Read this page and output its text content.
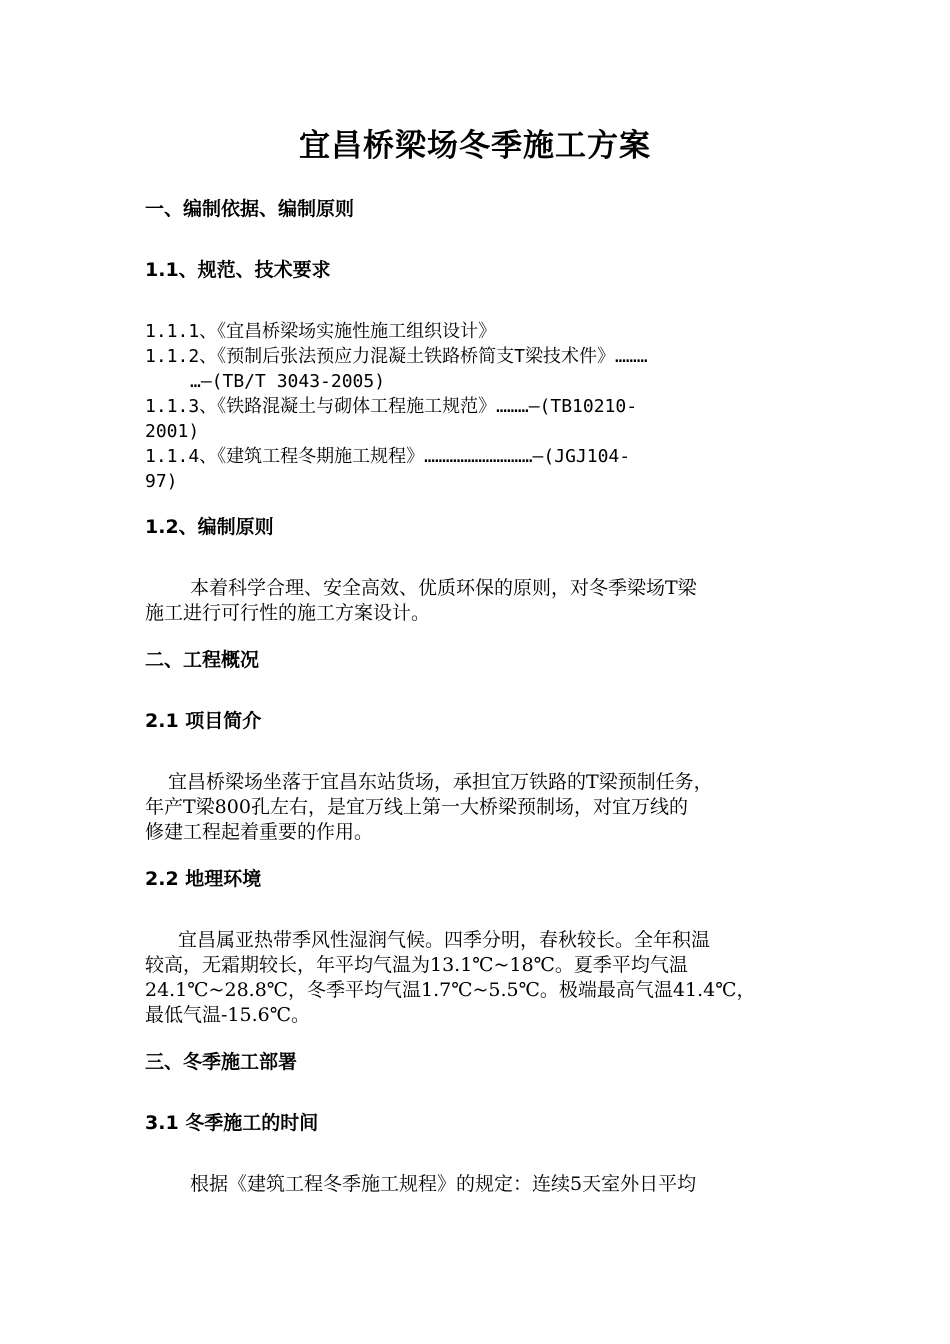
宜昌桥梁场冬季施工方案
一、编制依据、编制原则
1.1、规范、技术要求
1.1.1、《宜昌桥梁场实施性施工组织设计》
1.1.2、《预制后张法预应力混凝土铁路桥简支T梁技术件》………
…—(TB/T 3043-2005)
1.1.3、《铁路混凝土与砌体工程施工规范》………—(TB10210-
2001)
1.1.4、《建筑工程冬期施工规程》…………………………—(JGJ104-
97)
1.2、编制原则
本着科学合理、安全高效、优质环保的原则，对冬季梁场T梁
施工进行可行性的施工方案设计。
二、工程概况
2.1 项目简介
宜昌桥梁场坐落于宜昌东站货场，承担宜万铁路的T梁预制任务，
年产T梁800孔左右，是宜万线上第一大桥梁预制场，对宜万线的
修建工程起着重要的作用。
2.2 地理环境
宜昌属亚热带季风性湿润气候。四季分明，春秋较长。全年积温
较高，无霜期较长，年平均气温为13.1℃~18℃。夏季平均气温
24.1℃~28.8℃，冬季平均气温1.7℃~5.5℃。极端最高气温41.4℃，
最低气温-15.6℃。
三、冬季施工部署
3.1 冬季施工的时间
根据《建筑工程冬季施工规程》的规定：连续5天室外日平均
